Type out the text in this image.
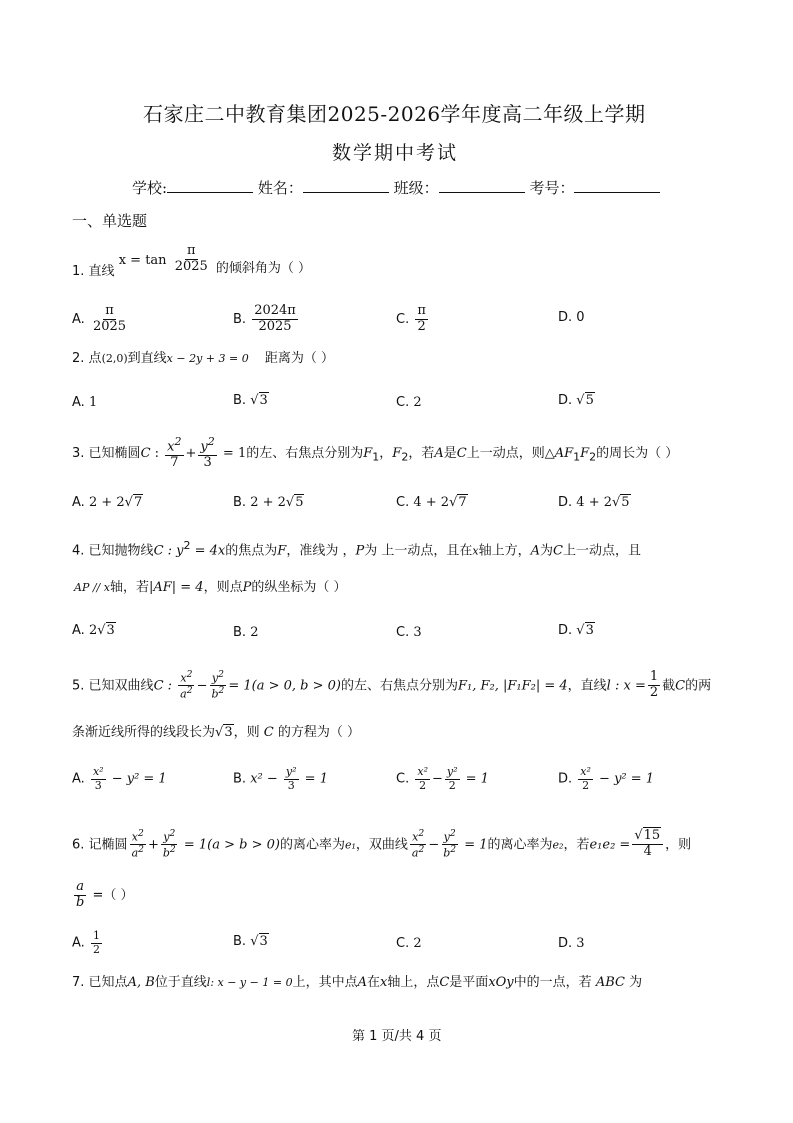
石家庄二中教育集团2025-2026学年度高二年级上学期
数学期中考试
学校:	姓名：	班级：	考号：
一、单选题
1. 直线 $x = \tan \frac{\pi}{2025}$ 的倾斜角为（ ）
A. $\frac{\pi}{2025}$	B. $\frac{2024\pi}{2025}$	C. $\frac{\pi}{2}$	D. 0
2. 点(2,0)到直线x − 2y + 3 = 0 距离为（ ）
A. 1	B. √3	C. 2	D. √5
3. 已知椭圆C : $\frac{x^2}{7} + \frac{y^2}{3} = 1$的左、右焦点分别为$F_1$，$F_2$，若A是C上一动点，则$\triangle AF_1F_2$的周长为（ ）
A. 2 + 2√7	B. 2 + 2√5	C. 4 + 2√7	D. 4 + 2√5
4. 已知抛物线C : $y^2 = 4x$的焦点为F，准线为 ，P为 上一动点，且在x轴上方，A为C上一动点，且
AP // x轴，若|AF| = 4，则点P的纵坐标为（ ）
A. 2√3	B. 2	C. 3	D. √3
5. 已知双曲线C : $\frac{x^2}{a^2} - \frac{y^2}{b^2} = 1(a > 0$, b > 0)的左、右焦点分别为F₁, F₂, |F₁F₂| = 4，直线l : $x = \frac{1}{2}$ 截C的两
条渐近线所得的线段长为√3，则 C 的方程为（ ）
A. $\frac{\text{x²}}{3} - y^2 = 1$	B. $x^2 - \frac{\text{y²}}{3} = 1$	C. $\frac{\text{x²}}{2} - \frac{\text{y²}}{2} = 1$	D. $\frac{\text{x²}}{2} - y^2 = 1$
6. 记椭圆 $\frac{x^2}{a^2} + \frac{y^2}{b^2} = 1(a > b > 0)$的离心率为e₁，双曲线 $\frac{x^2}{a^2} - \frac{y^2}{b^2} = 1$的离心率为e₂，若$e_1e_2 = \frac{√15}{4}$ ，则
$\frac{a}{b}$ =（ ）
A. $\frac{1}{2}$	B. √3	C. 2	D. 3
7. 已知点A, B位于直线l: x − y − 1 = 0上，其中点A在x轴上，点C是平面xOy中的一点，若 ABC 为
第 1 页/共 4 页
